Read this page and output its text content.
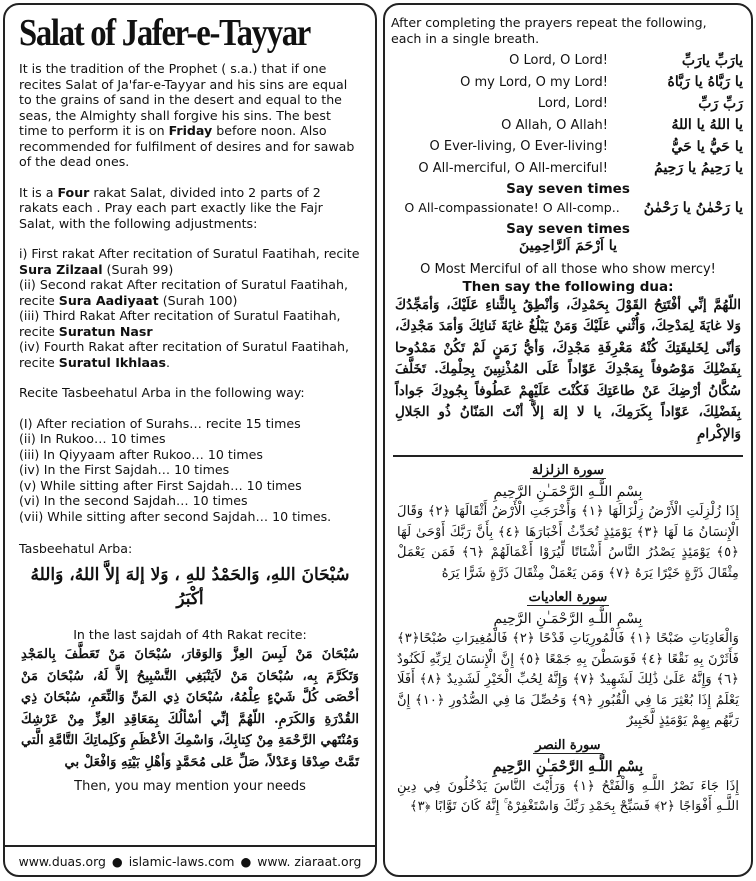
Salat of Jafer-e-Tayyar

It is the tradition of the Prophet ( s.a.) that if one recites Salat of Ja'far-e-Tayyar and his sins are equal to the grains of sand in the desert and equal to the seas, the Almighty shall forgive his sins. The best time to perform it is on Friday before noon. Also recommended for fulfilment of desires and for sawab of the dead ones.

It is a Four rakat Salat, divided into 2 parts of 2 rakats each . Pray each part exactly like the Fajr Salat, with the following adjustments:

i) First rakat After recitation of Suratul Faatihah, recite Sura Zilzaal (Surah 99)
(ii) Second rakat After recitation of Suratul Faatihah, recite Sura Aadiyaat (Surah 100)
(iii) Third Rakat After recitation of Suratul Faatihah, recite Suratun Nasr
(iv) Fourth Rakat after recitation of Suratul Faatihah, recite Suratul Ikhlaas.

Recite Tasbeehatul Arba in the following way:

(I) After reciation of Surahs… recite 15 times
(ii) In Rukoo… 10 times
(iii) In Qiyyaam after Rukoo… 10 times
(iv) In the First Sajdah… 10 times
(v) While sitting after First Sajdah… 10 times
(vi) In the second Sajdah… 10 times
(vii) While sitting after second Sajdah… 10 times.
Tasbeehatul Arba:
سُبْحَانَ اللهِ، وَالحَمْدُ للهِ ، وَلا إلهَ إلاَّ اللهُ، وَاللهُ أكْبَرُ
In the last sajdah of 4th Rakat recite:
سُبْحَانَ مَنْ لَبِسَ العِزَّ وَالوَقارَ، سُبْحَانَ مَنْ تَعَطَّفَ بِالمَجْدِ وَتَكَرَّمَ بِه، سُبْحَانَ مَنْ لاَيَنْبَغِي التَّسْبِيحُ إلاَّ لَهُ، سُبْحَانَ مَنْ أحْصَى كُلَّ شَيْءٍ عِلْمُهُ، سُبْحَانَ ذِي المَنِّ وَالنِّعَمِ، سُبْحَانَ ذِي القُدْرَةِ وَالكَرَمِ. اللّهُمَّ إنِّي أسْألُكَ بِمَعَاقِدِ العِزِّ مِنْ عَرْشِكَ وَمُنْتَهي الرَّحْمَةِ مِنْ كِتابِكَ، وَاسْمِكَ الأعْظَمِ وَكَلِماتِكَ التَّامَّةِ الَّتي تَمَّتْ صِدْقا وَعَدْلاً، صَلِّ عَلى مُحَمَّدٍ وَأهْلِ بَيْتِهِ وَافْعَلْ بي
Then, you may mention your needs
www.duas.org ● islamic-laws.com ● www. ziaraat.org
After completing the prayers repeat the following, each in a single breath.
O Lord, O Lord!	يارَبِّ يارَبِّ
O my Lord, O my Lord!	يا رَبَّاهُ يا رَبَّاهُ
Lord, Lord!	رَبِّ رَبِّ
O Allah, O Allah!	يا اللهُ يا اللهُ
O Ever-living, O Ever-living!	يا حَيُّ يا حَيُّ
O All-merciful, O All-merciful!	يا رَحِيمُ يا رَحِيمُ
Say seven times
O All-compassionate! O All-comp..	يا رَحْمٰنُ يا رَحْمٰنُ
Say seven times
يا اَرْحَمَ اَلرَّاحِمِينَ
O Most Merciful of all those who show mercy!
Then say the following dua:
اللّهُمَّ إنِّي أفْتَتِحُ القَوْلَ بِحَمْدِكَ، وَأنْطِقُ بِالثَّناءِ عَلَيْكَ، وَأمَجِّدُكَ وَلا غايَةَ لِمَدْحِكَ، وَأُثْني عَلَيْكَ وَمَنْ يَبْلُغُ غايَةَ ثَنائِكَ وَأمَدَ مَجْدِكَ، وَأنّى لِخَليقَتِكَ كُنْهُ مَعْرِفَةِ مَجْدِكَ، وَأيُّ زَمَنٍ لَمْ تَكُنْ مَمْدُوحا بِفَضْلِكَ مَوْصُوفاً بِمَجْدِكَ عَوّاداً عَلَى المُذْنِبِينَ بِحِلْمِكَ. تَخَلَّفَ سُكَّانُ أرْضِكَ عَنْ طاعَتِكَ فَكُنْتَ عَلَيْهِمْ عَطُوفاً بِجُودِكَ جَواداً بِفَضْلِكَ، عَوّاداً بِكَرَمِكَ، يا لا إلهَ إلاَّ أنْتَ المَنّانُ ذُو الجَلالِ وَالإكْرامِ
سورة الزلزلة
بِسْمِ اللَّـهِ الرَّحْمَـٰنِ الرَّحِيمِ
إِذَا زُلْزِلَتِ الْأَرْضُ زِلْزَالَهَا ﴿١﴾ وَأَخْرَجَتِ الْأَرْضُ أَثْقَالَهَا ﴿٢﴾ وَقَالَ الْإِنسَانُ مَا لَهَا ﴿٣﴾ يَوْمَئِذٍ تُحَدِّثُ أَخْبَارَهَا ﴿٤﴾ بِأَنَّ رَبَّكَ أَوْحَىٰ لَهَا ﴿٥﴾ يَوْمَئِذٍ يَصْدُرُ النَّاسُ أَشْتَاتًا لِّيُرَوْا أَعْمَالَهُمْ ﴿٦﴾ فَمَن يَعْمَلْ مِثْقَالَ ذَرَّةٍ خَيْرًا يَرَهُ ﴿٧﴾ وَمَن يَعْمَلْ مِثْقَالَ ذَرَّةٍ شَرًّا يَرَهُ
سورة العاديات
بِسْمِ اللَّـهِ الرَّحْمَـٰنِ الرَّحِيمِ
وَالْعَادِيَاتِ ضَبْحًا ﴿١﴾ فَالْمُورِيَاتِ قَدْحًا ﴿٢﴾ فَالْمُغِيرَاتِ صُبْحًا﴿٣﴾ فَأَثَرْنَ بِهِ نَقْعًا ﴿٤﴾ فَوَسَطْنَ بِهِ جَمْعًا ﴿٥﴾ إِنَّ الْإِنسَانَ لِرَبِّهِ لَكَنُودٌ ﴿٦﴾ وَإِنَّهُ عَلَىٰ ذَٰلِكَ لَشَهِيدٌ ﴿٧﴾ وَإِنَّهُ لِحُبِّ الْخَيْرِ لَشَدِيدٌ ﴿٨﴾ أَفَلَا يَعْلَمُ إِذَا بُعْثِرَ مَا فِي الْقُبُورِ ﴿٩﴾ وَحُصِّلَ مَا فِي الصُّدُورِ ﴿١٠﴾ إِنَّ رَبَّهُم بِهِمْ يَوْمَئِذٍ لَّخَبِيرٌ
سورة النصر
بِسْمِ اللَّـهِ الرَّحْمَـٰنِ الرَّحِيمِ
إِذَا جَاءَ نَصْرُ اللَّـهِ وَالْفَتْحُ ﴿١﴾ وَرَأَيْتَ النَّاسَ يَدْخُلُونَ فِي دِينِ اللَّـهِ أَفْوَاجًا ﴿٢﴾ فَسَبِّحْ بِحَمْدِ رَبِّكَ وَاسْتَغْفِرْهُ ۚ إِنَّهُ كَانَ تَوَّابًا ﴿٣﴾
